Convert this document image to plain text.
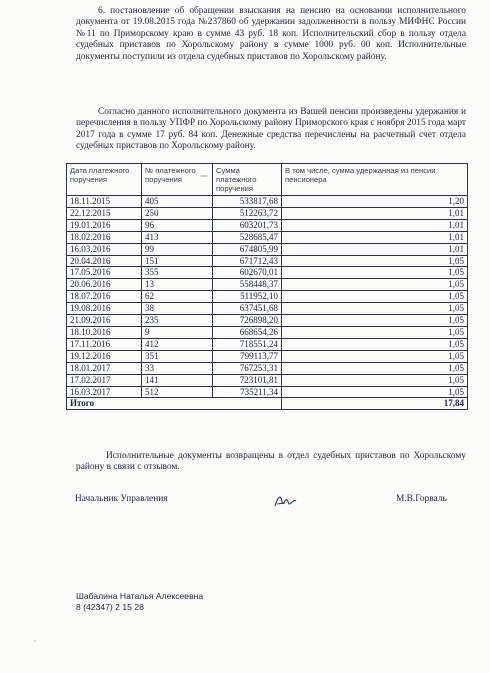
6. постановление об обращении взыскания на пенсию на основании исполнительного документа от 19.08.2015 года №237860 об удержании задолженности в пользу МИФНС России №11 по Приморскому краю в сумме 43 руб. 18 коп. Исполнительский сбор в пользу отдела судебных приставов по Хорольскому району в сумме 1000 руб. 00 коп. Исполнительные документы поступили из отдела судебных приставов по Хорольскому району.

Согласно данного исполнительного документа из Вашей пенсии произведены удержания и перечисления в пользу УПФР по Хорольскому району Приморского края с ноября 2015 года март 2017 года в сумме 17 руб. 84 коп. Денежные средства перечислены на расчетный счет отдела судебных приставов по Хорольскому району.

Дата платежного поручения	№ платежного поручения	Сумма платежного поручения	В том числе, сумма удержанная из пенсии пенсионера
18.11.2015	405	533817,68	1,20
22.12.2015	250	512263,72	1,01
19.01.2016	96	603201,73	1,01
18.02.2016	413	528685,47	1,01
16.03.2016	99	674805,99	1,01
20.04.2016	151	671712,43	1,05
17.05.2016	355	602670,01	1,05
20.06.2016	13	558448,37	1,05
18.07.2016	62	511952,10	1,05
19.08.2016	38	637451,68	1,05
21.09.2016	235	726898,20	1,05
18.10.2016	9	668654,26	1,05
17.11.2016	412	718551,24	1,05
19.12.2016	351	799113,77	1,05
18.01.2017	33	767253,31	1,05
17.02.2017	141	723101,81	1,05
16.03.2017	512	735211,34	1,05
Итого			17,84

Исполнительные документы возвращены в отдел судебных приставов по Хорольскому району в связи с отзывом.

Начальник Управления	М.В.Горваль
Шабалина Наталья Алексеевна
8 (42347) 2 15 28
